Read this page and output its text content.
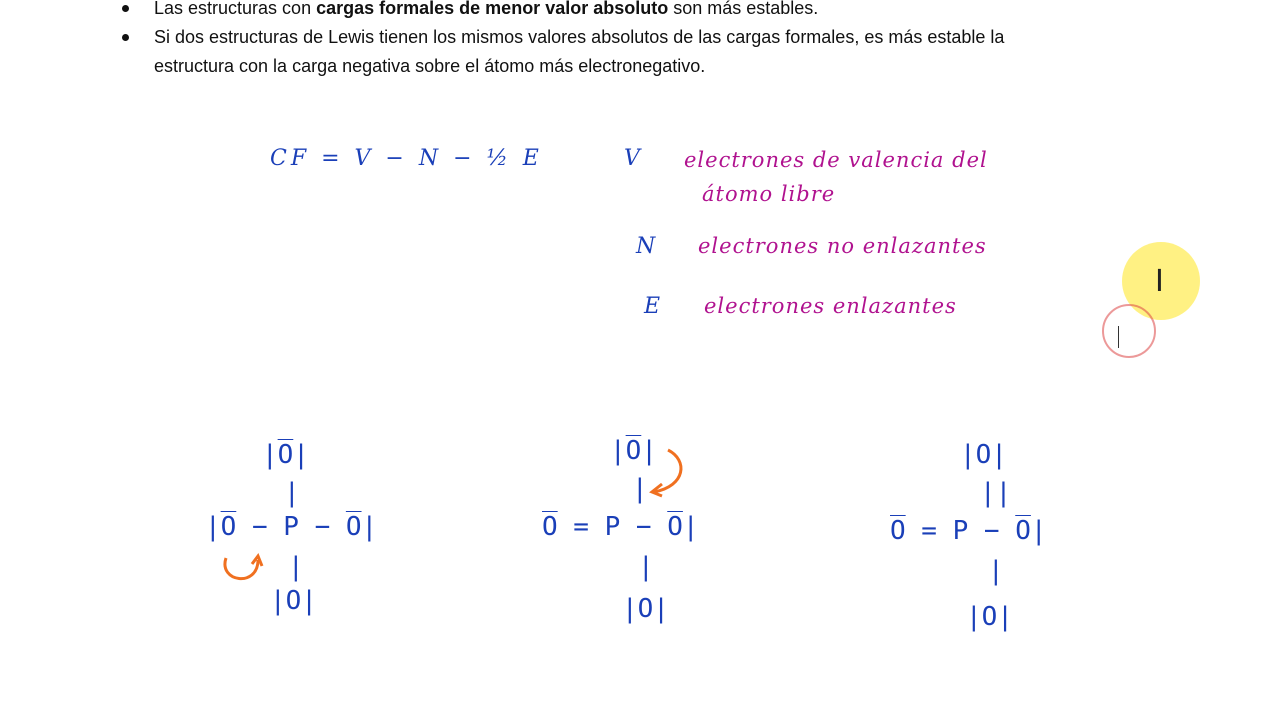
Las estructuras con cargas formales de menor valor absoluto son más estables.
Si dos estructuras de Lewis tienen los mismos valores absolutos de las cargas formales, es más estable la estructura con la carga negativa sobre el átomo más electronegativo.
CF = V − N − ½ E	V electrones de valencia del
átomo libre
N electrones no enlazantes
E electrones enlazantes
|O̅|
|
|O̅ − P − O̅|
|
|O|
|O̅|
|
O̅ = P − O̅|
|
|O|
|O|
||
O̅ = P − O̅|
|
|O|
I
